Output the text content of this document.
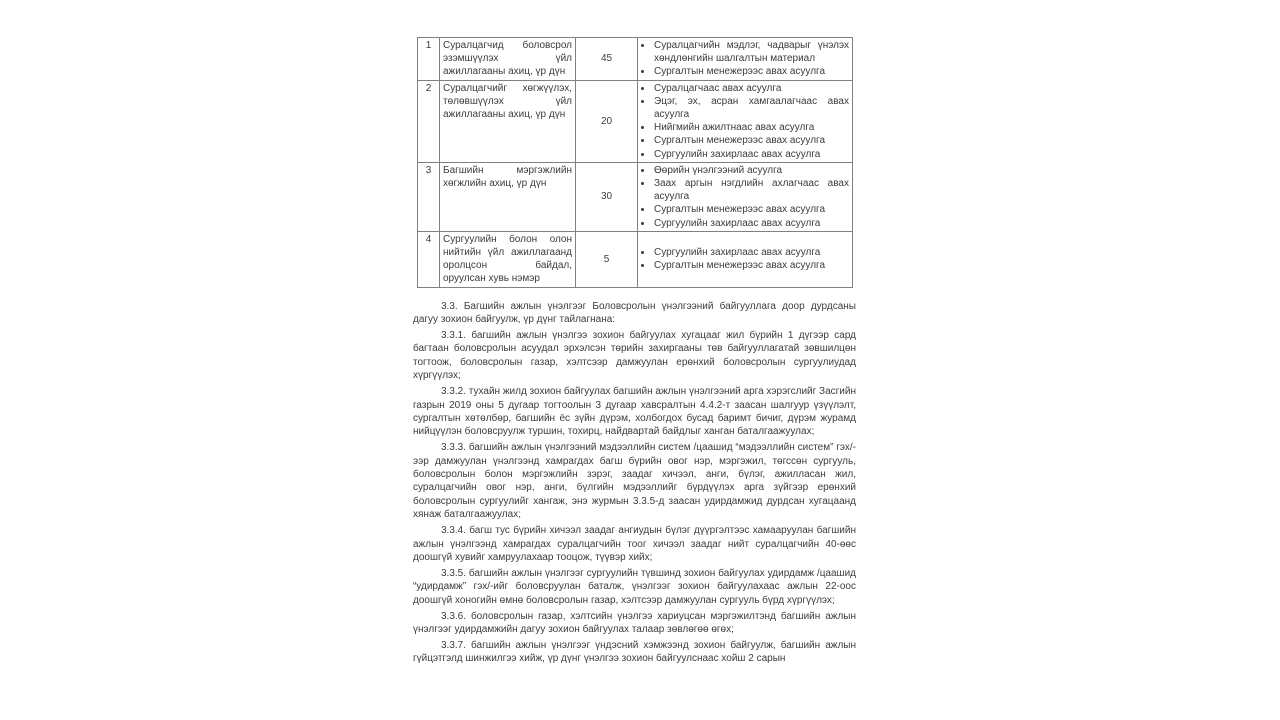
1	Суралцагчид боловсрол эзэмшүүлэх үйл ажиллагааны ахиц, үр дүн	45	
• Суралцагчийн мэдлэг, чадварыг үнэлэх хөндлөнгийн шалгалтын материал
• Сургалтын менежерээс авах асуулга

2	Суралцагчийг хөгжүүлэх, төлөвшүүлэх үйл ажиллагааны ахиц, үр дүн	20	
• Суралцагчаас авах асуулга
• Эцэг, эх, асран хамгаалагчаас авах асуулга
• Нийгмийн ажилтнаас авах асуулга
• Сургалтын менежерээс авах асуулга
• Сургуулийн захирлаас авах асуулга

3	Багшийн мэргэжлийн хөгжлийн ахиц, үр дүн	30	
• Өөрийн үнэлгээний асуулга
• Заах аргын нэгдлийн ахлагчаас авах асуулга
• Сургалтын менежерээс авах асуулга
• Сургуулийн захирлаас авах асуулга

4	Сургуулийн болон олон нийтийн үйл ажиллагаанд оролцсон байдал, оруулсан хувь нэмэр	5	
• Сургуулийн захирлаас авах асуулга
• Сургалтын менежерээс авах асуулга

3.3. Багшийн ажлын үнэлгээг Боловсролын үнэлгээний байгууллага доор дурдсаны дагуу зохион байгуулж, үр дүнг тайлагнана:

3.3.1. багшийн ажлын үнэлгээ зохион байгуулах хугацааг жил бүрийн 1 дүгээр сард багтаан боловсролын асуудал эрхэлсэн төрийн захиргааны төв байгууллагатай зөвшилцөн тогтоож, боловсролын газар, хэлтсээр дамжуулан ерөнхий боловсролын сургуулиудад хүргүүлэх;

3.3.2. тухайн жилд зохион байгуулах багшийн ажлын үнэлгээний арга хэрэгслийг Засгийн газрын 2019 оны 5 дугаар тогтоолын 3 дугаар хавсралтын 4.4.2-т заасан шалгуур үзүүлэлт, сургалтын хөтөлбөр, багшийн ёс зүйн дүрэм, холбогдох бусад баримт бичиг, дүрэм журамд нийцүүлэн боловсруулж туршин, тохирц, найдвартай байдлыг ханган баталгаажуулах;

3.3.3. багшийн ажлын үнэлгээний мэдээллийн систем /цаашид “мэдээллийн систем” гэх/-ээр дамжуулан үнэлгээнд хамрагдах багш бүрийн овог нэр, мэргэжил, төгссөн сургууль, боловсролын болон мэргэжлийн зэрэг, заадаг хичээл, анги, бүлэг, ажилласан жил, суралцагчийн овог нэр, анги, бүлгийн мэдээллийг бүрдүүлэх арга зүйгээр ерөнхий боловсролын сургуулийг хангаж, энэ журмын 3.3.5-д заасан удирдамжид дурдсан хугацаанд хянаж баталгаажуулах;

3.3.4. багш тус бүрийн хичээл заадаг ангиудын бүлэг дүүргэлтээс хамааруулан багшийн ажлын үнэлгээнд хамрагдах суралцагчийн тоог хичээл заадаг нийт суралцагчийн 40-өөс доошгүй хувийг хамруулахаар тооцож, түүвэр хийх;

3.3.5. багшийн ажлын үнэлгээг сургуулийн түвшинд зохион байгуулах удирдамж /цаашид “удирдамж” гэх/-ийг боловсруулан баталж, үнэлгээг зохион байгуулахаас ажлын 22-оос доошгүй хоногийн өмнө боловсролын газар, хэлтсээр дамжуулан сургууль бүрд хүргүүлэх;

3.3.6. боловсролын газар, хэлтсийн үнэлгээ хариуцсан мэргэжилтэнд багшийн ажлын үнэлгээг удирдамжийн дагуу зохион байгуулах талаар зөвлөгөө өгөх;

3.3.7. багшийн ажлын үнэлгээг үндэсний хэмжээнд зохион байгуулж, багшийн ажлын гүйцэтгэлд шинжилгээ хийж, үр дүнг үнэлгээ зохион байгуулснаас хойш 2 сарын
